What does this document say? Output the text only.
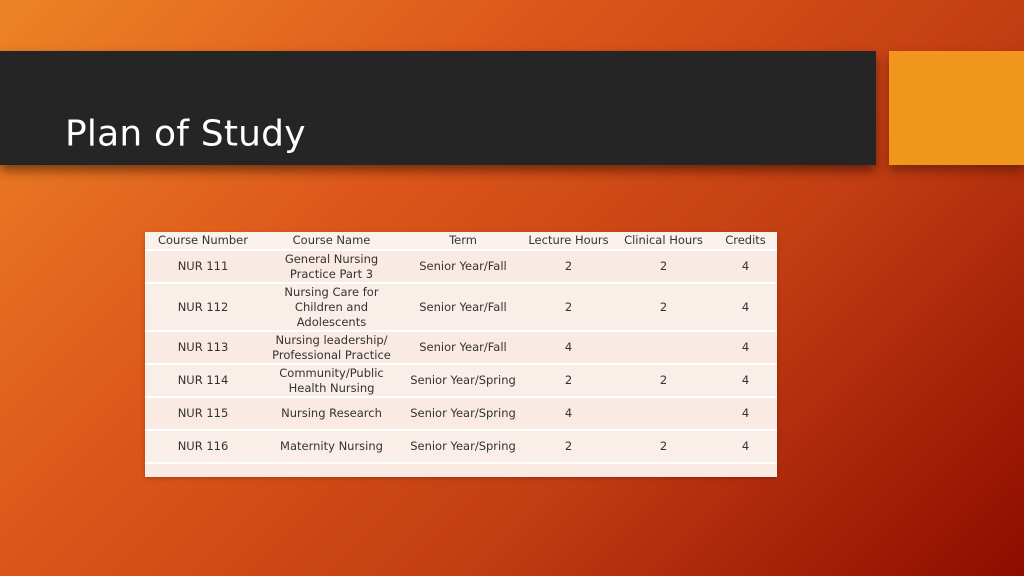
Plan of Study
Course Number	Course Name	Term	Lecture Hours	Clinical Hours	Credits
NUR 111	General Nursing Practice Part 3	Senior Year/Fall	2	2	4
NUR 112	Nursing Care for Children and Adolescents	Senior Year/Fall	2	2	4
NUR 113	Nursing leadership/ Professional Practice	Senior Year/Fall	4		4
NUR 114	Community/Public Health Nursing	Senior Year/Spring	2	2	4
NUR 115	Nursing Research	Senior Year/Spring	4		4
NUR 116	Maternity Nursing	Senior Year/Spring	2	2	4
